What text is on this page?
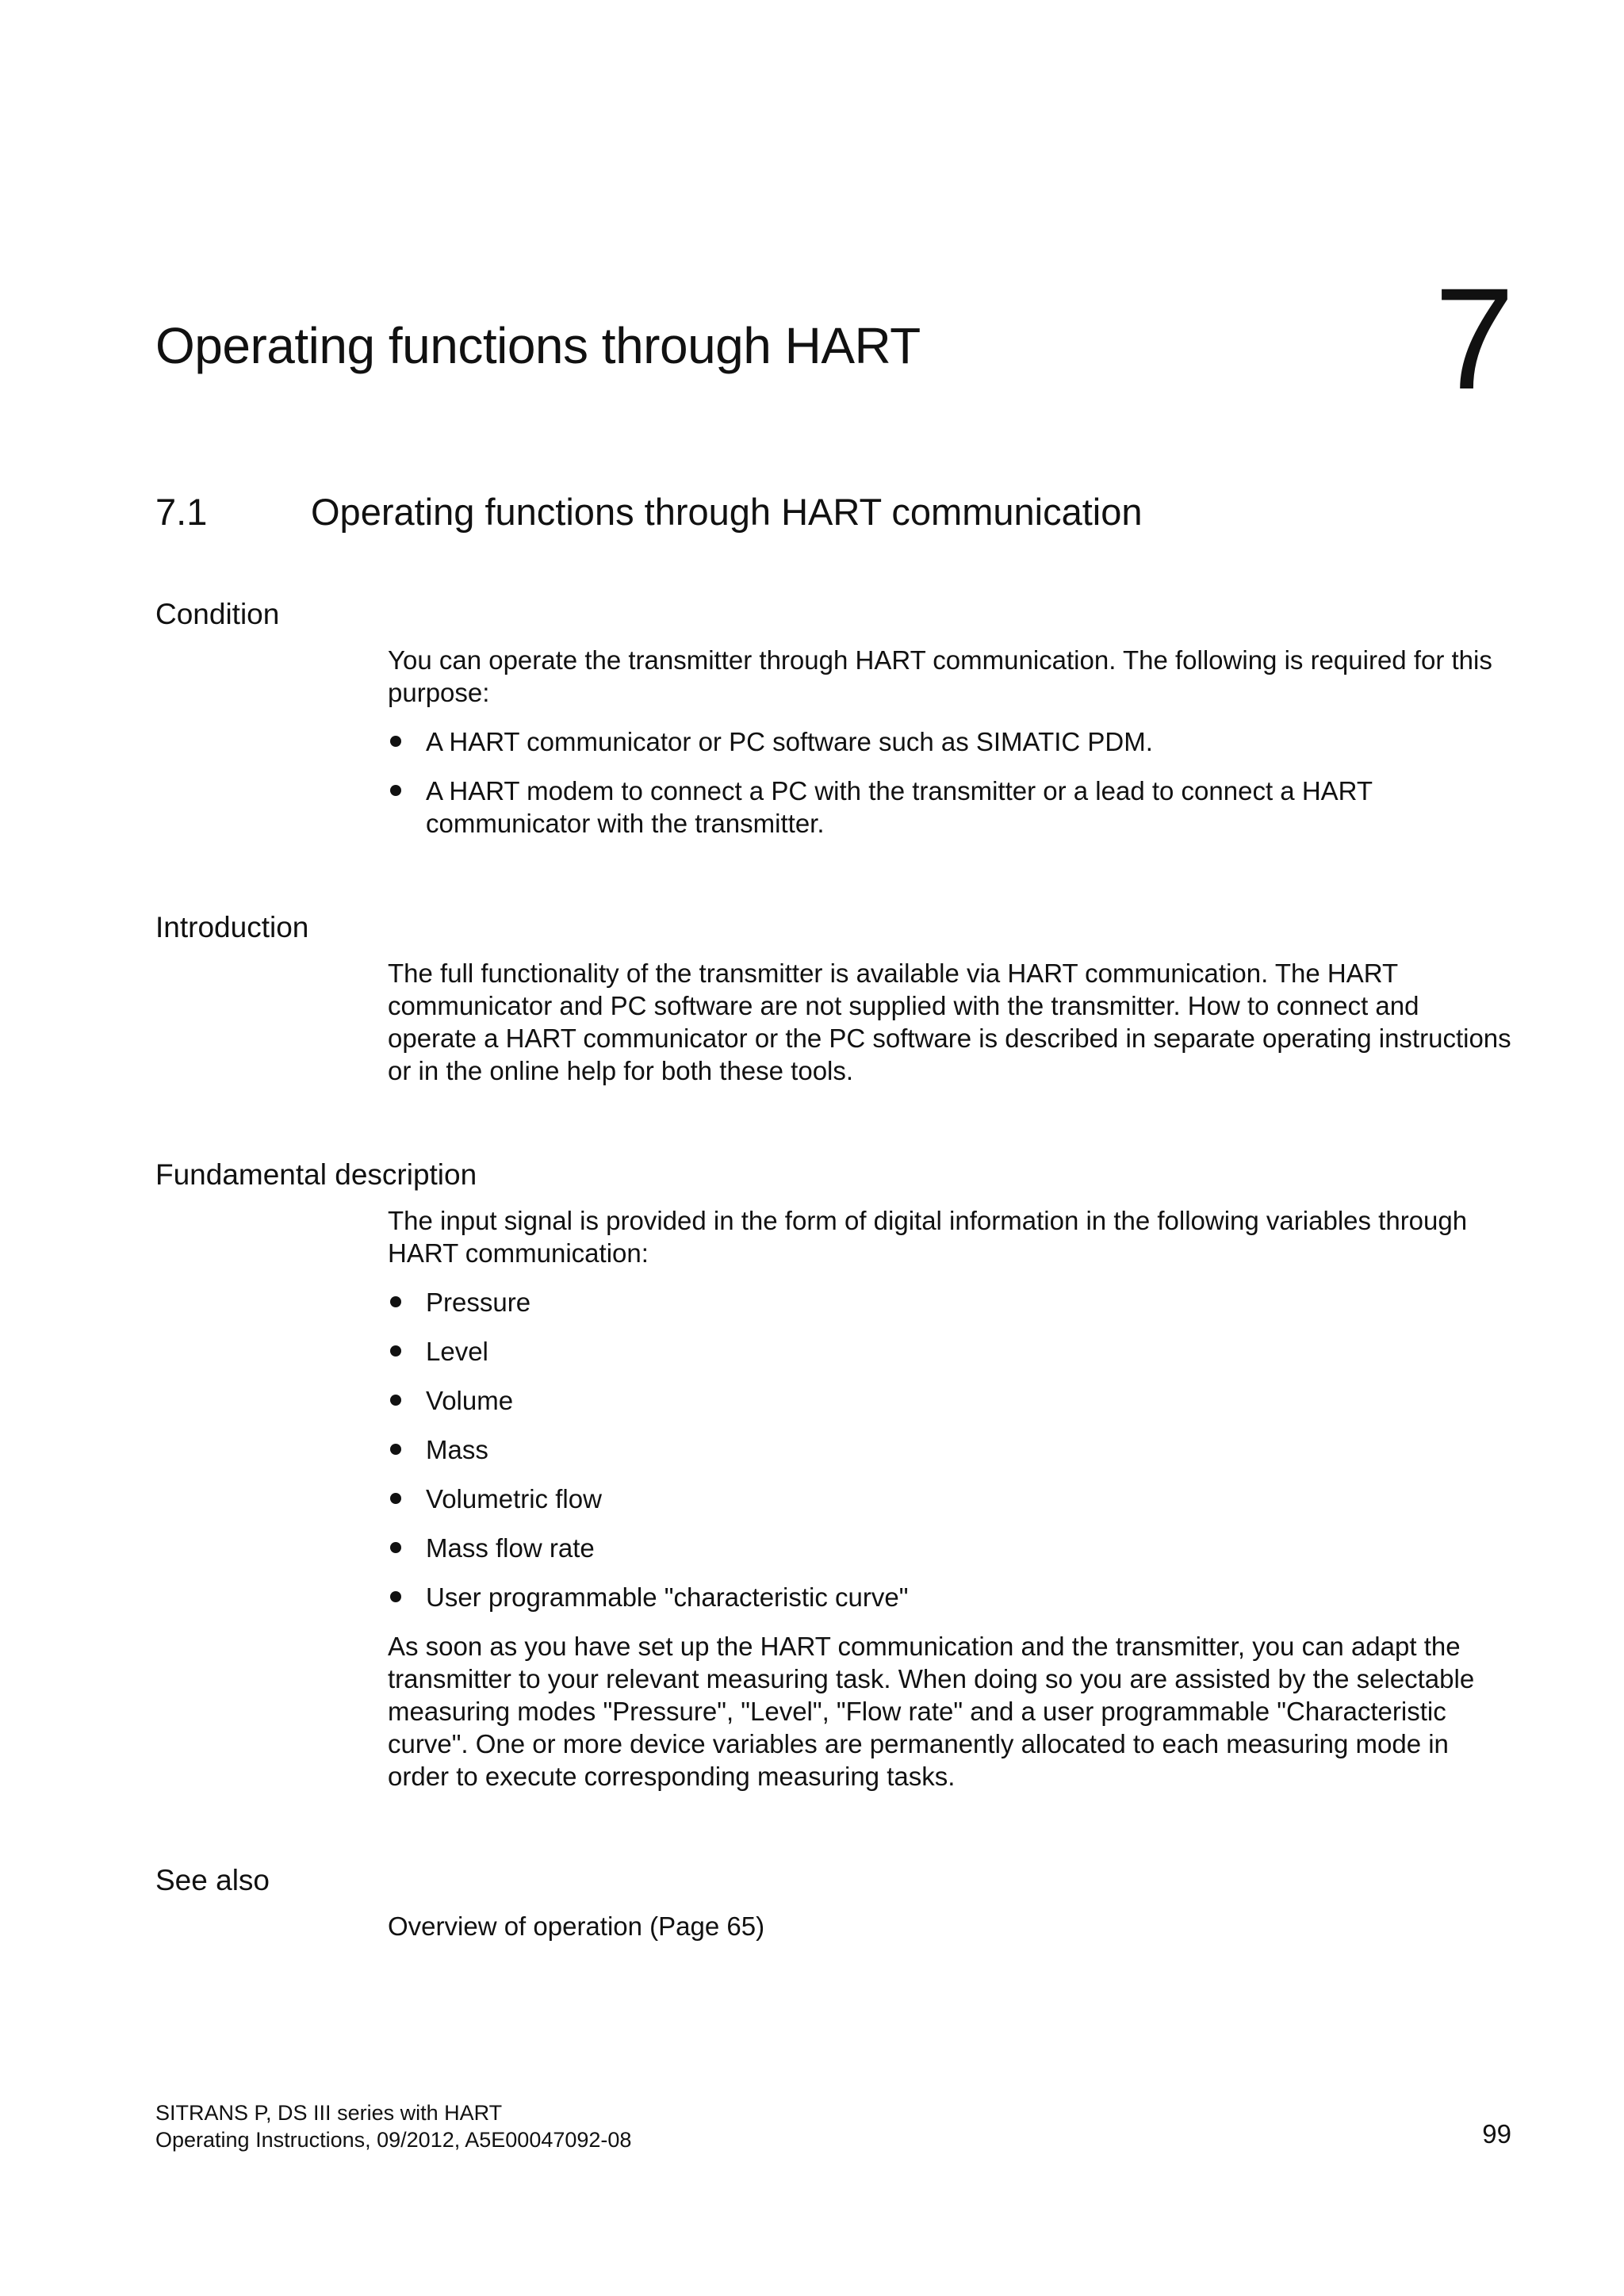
Operating functions through HART	7
7.1	Operating functions through HART communication
Condition

You can operate the transmitter through HART communication. The following is required for this purpose:

A HART communicator or PC software such as SIMATIC PDM.
A HART modem to connect a PC with the transmitter or a lead to connect a HART communicator with the transmitter.
Introduction

The full functionality of the transmitter is available via HART communication. The HART communicator and PC software are not supplied with the transmitter. How to connect and operate a HART communicator or the PC software is described in separate operating instructions or in the online help for both these tools.

Fundamental description

The input signal is provided in the form of digital information in the following variables through HART communication:

Pressure
Level
Volume
Mass
Volumetric flow
Mass flow rate
User programmable "characteristic curve"

As soon as you have set up the HART communication and the transmitter, you can adapt the transmitter to your relevant measuring task. When doing so you are assisted by the selectable measuring modes "Pressure", "Level", "Flow rate" and a user programmable "Characteristic curve". One or more device variables are permanently allocated to each measuring mode in order to execute corresponding measuring tasks.

See also
Overview of operation (Page 65)
SITRANS P, DS III series with HART
Operating Instructions, 09/2012, A5E00047092-08	99
